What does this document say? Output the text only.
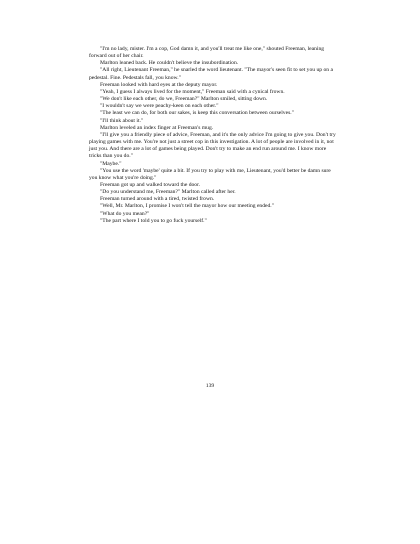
"I'm no lady, mister. I'm a cop, God damn it, and you'll treat me like one," shouted Freeman, leaning forward out of her chair.

Marlton leaned back. He couldn't believe the insubordination.

"All right, Lieutenant Freeman," he snarled the word lieutenant. "The mayor's seen fit to set you up on a pedestal. Fine. Pedestals fall, you know."

Freeman looked with hard eyes at the deputy mayor.

"Yeah, I guess I always lived for the moment," Freeman said with a cynical frown.

"We don't like each other, do we, Freeman?" Marlton smiled, sitting down.

"I wouldn't say we were peachy-keen on each other."

"The least we can do, for both our sakes, is keep this conversation between ourselves."

"I'll think about it."

Marlton leveled an index finger at Freeman's mug.

"I'll give you a friendly piece of advice, Freeman, and it's the only advice I'm going to give you. Don't try playing games with me. You're not just a street cop in this investigation. A lot of people are involved in it, not just you. And there are a lot of games being played. Don't try to make an end run around me. I know more tricks than you do."

"Maybe."

"You use the word 'maybe' quite a bit. If you try to play with me, Lieutenant, you'd better be damn sure you know what you're doing."

Freeman got up and walked toward the door.

"Do you understand me, Freeman?" Marlton called after her.

Freeman turned around with a tired, twisted frown.

"Well, Mr. Marlton, I promise I won't tell the mayor how our meeting ended."

"What do you mean?"

"The part where I told you to go fuck yourself."

139
